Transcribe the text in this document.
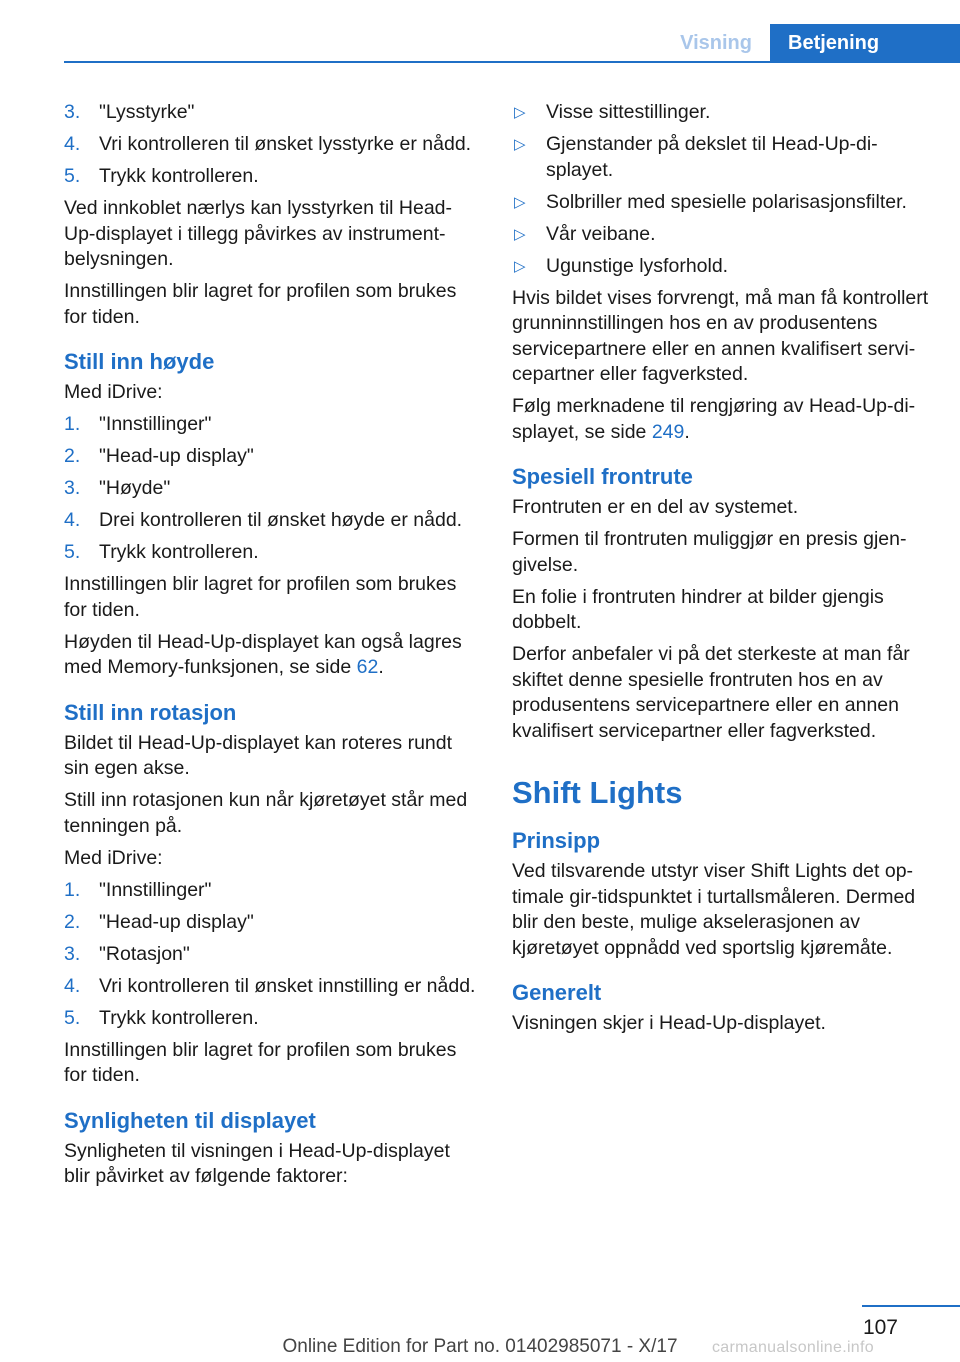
Visning	Betjening
3. "Lysstyrke"
4. Vri kontrolleren til ønsket lysstyrke er nådd.
5. Trykk kontrolleren.

Ved innkoblet nærlys kan lysstyrken til Head-Up-displayet i tillegg påvirkes av instrumentbelysningen.

Innstillingen blir lagret for profilen som brukes for tiden.

Still inn høyde

Med iDrive:

1. "Innstillinger"
2. "Head-up display"
3. "Høyde"
4. Drei kontrolleren til ønsket høyde er nådd.
5. Trykk kontrolleren.

Innstillingen blir lagret for profilen som brukes for tiden.

Høyden til Head-Up-displayet kan også lagres med Memory-funksjonen, se side 62.

Still inn rotasjon

Bildet til Head-Up-displayet kan roteres rundt sin egen akse.

Still inn rotasjonen kun når kjøretøyet står med tenningen på.

Med iDrive:

1. "Innstillinger"
2. "Head-up display"
3. "Rotasjon"
4. Vri kontrolleren til ønsket innstilling er nådd.
5. Trykk kontrolleren.

Innstillingen blir lagret for profilen som brukes for tiden.

Synligheten til displayet

Synligheten til visningen i Head-Up-displayet blir påvirket av følgende faktorer:

▷ Visse sittestillinger.
▷ Gjenstander på dekslet til Head-Up-displayet.
▷ Solbriller med spesielle polarisasjonsfilter.
▷ Vår veibane.
▷ Ugunstige lysforhold.

Hvis bildet vises forvrengt, må man få kontrollert grunninnstillingen hos en av produsentens servicepartnere eller en annen kvalifisert servicepartner eller fagverksted.

Følg merknadene til rengjøring av Head-Up-displayet, se side 249.

Spesiell frontrute

Frontruten er en del av systemet.

Formen til frontruten muliggjør en presis gjengivelse.

En folie i frontruten hindrer at bilder gjengis dobbelt.

Derfor anbefaler vi på det sterkeste at man får skiftet denne spesielle frontruten hos en av produsentens servicepartnere eller en annen kvalifisert servicepartner eller fagverksted.

Shift Lights
Prinsipp

Ved tilsvarende utstyr viser Shift Lights det optimale gir-tidspunktet i turtallsmåleren. Dermed blir den beste, mulige akselerasjonen av kjøretøyet oppnådd ved sportslig kjøremåte.

Generelt

Visningen skjer i Head-Up-displayet.

107
Online Edition for Part no. 01402985071 - X/17	carmanualsonline.info
